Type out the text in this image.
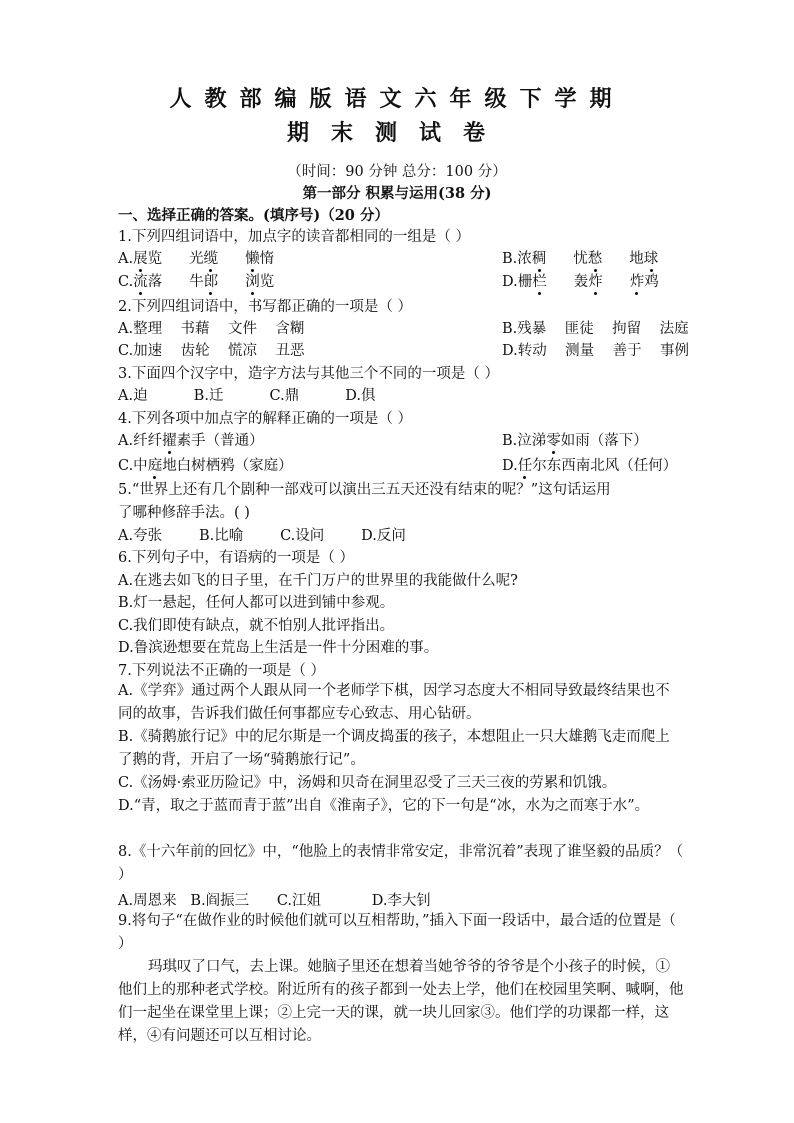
人教部编版语文六年级下学期
期末测试卷
（时间：90 分钟 总分：100 分）
第一部分 积累与运用(38 分)
一、选择正确的答案。(填序号)（20 分）
1.下列四组词语中，加点字的读音都相同的一组是（ ）
A.展览 光缆 懒惰	B.浓稠 忧愁 地球
C.流落 牛郎 浏览	D.栅栏 轰炸 炸鸡
2.下列四组词语中，书写都正确的一项是（ ）
A.整理    书藉    文件    含糊	B.残暴    匪徒    拘留    法庭
C.加速    齿轮    慌凉    丑恶	D.转动    测量    善于    事例
3.下面四个汉字中，造字方法与其他三个不同的一项是（ ）
A.迫          B.迁          C.鼎          D.俱
4.下列各项中加点字的解释正确的一项是（ ）
A.纤纤擢素手（普通）	B.泣涕零如雨（落下）
C.中庭地白树栖鸦（家庭）	D.任尔东西南北风（任何）
5.“世界上还有几个剧种一部戏可以演出三五天还没有结束的呢？”这句话运用
了哪种修辞手法。( )
A.夸张        B.比喻        C.设问        D.反问
6.下列句子中，有语病的一项是（ ）
A.在逃去如飞的日子里，在千门万户的世界里的我能做什么呢?
B.灯一悬起，任何人都可以进到铺中参观。
C.我们即使有缺点，就不怕别人批评指出。
D.鲁滨逊想要在荒岛上生活是一件十分困难的事。
7.下列说法不正确的一项是（ ）
A.《学弈》通过两个人跟从同一个老师学下棋，因学习态度大不相同导致最终结果也不同的故事，告诉我们做任何事都应专心致志、用心钻研。
B.《骑鹅旅行记》中的尼尔斯是一个调皮捣蛋的孩子，本想阻止一只大雄鹅飞走而爬上了鹅的背，开启了一场“骑鹅旅行记”。
C.《汤姆·索亚历险记》中，汤姆和贝奇在洞里忍受了三天三夜的劳累和饥饿。
D.“青，取之于蓝而青于蓝”出自《淮南子》，它的下一句是“冰，水为之而寒于水”。
8.《十六年前的回忆》中，“他脸上的表情非常安定，非常沉着”表现了谁坚毅的品质？（ ）
A.周恩来   B.阎振三      C.江姐           D.李大钊
9.将句子“在做作业的时候他们就可以互相帮助，”插入下面一段话中，最合适的位置是（ ）
玛琪叹了口气，去上课。她脑子里还在想着当她爷爷的爷爷是个小孩子的时候，①他们上的那种老式学校。附近所有的孩子都到一处去上学，他们在校园里笑啊、喊啊，他们一起坐在课堂里上课；②上完一天的课，就一块儿回家③。他们学的功课都一样，这样，④有问题还可以互相讨论。
